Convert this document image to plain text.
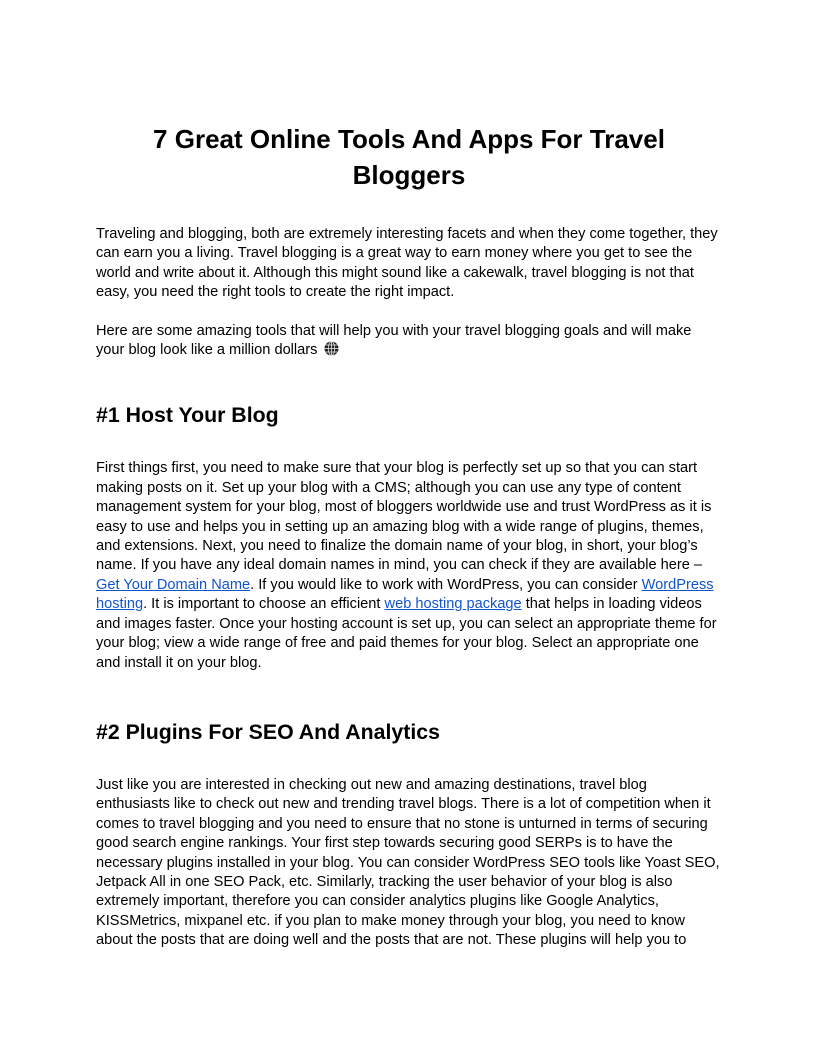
7 Great Online Tools And Apps For Travel Bloggers

Traveling and blogging, both are extremely interesting facets and when they come together, they can earn you a living. Travel blogging is a great way to earn money where you get to see the world and write about it. Although this might sound like a cakewalk, travel blogging is not that easy, you need the right tools to create the right impact.

Here are some amazing tools that will help you with your travel blogging goals and will make your blog look like a million dollars

#1 Host Your Blog

First things first, you need to make sure that your blog is perfectly set up so that you can start making posts on it. Set up your blog with a CMS; although you can use any type of content management system for your blog, most of bloggers worldwide use and trust WordPress as it is easy to use and helps you in setting up an amazing blog with a wide range of plugins, themes, and extensions. Next, you need to finalize the domain name of your blog, in short, your blog’s name. If you have any ideal domain names in mind, you can check if they are available here – Get Your Domain Name. If you would like to work with WordPress, you can consider WordPress hosting. It is important to choose an efficient web hosting package that helps in loading videos and images faster. Once your hosting account is set up, you can select an appropriate theme for your blog; view a wide range of free and paid themes for your blog. Select an appropriate one and install it on your blog.

#2 Plugins For SEO And Analytics

Just like you are interested in checking out new and amazing destinations, travel blog enthusiasts like to check out new and trending travel blogs. There is a lot of competition when it comes to travel blogging and you need to ensure that no stone is unturned in terms of securing good search engine rankings. Your first step towards securing good SERPs is to have the necessary plugins installed in your blog. You can consider WordPress SEO tools like Yoast SEO, Jetpack All in one SEO Pack, etc. Similarly, tracking the user behavior of your blog is also extremely important, therefore you can consider analytics plugins like Google Analytics, KISSMetrics, mixpanel etc. if you plan to make money through your blog, you need to know about the posts that are doing well and the posts that are not. These plugins will help you to
